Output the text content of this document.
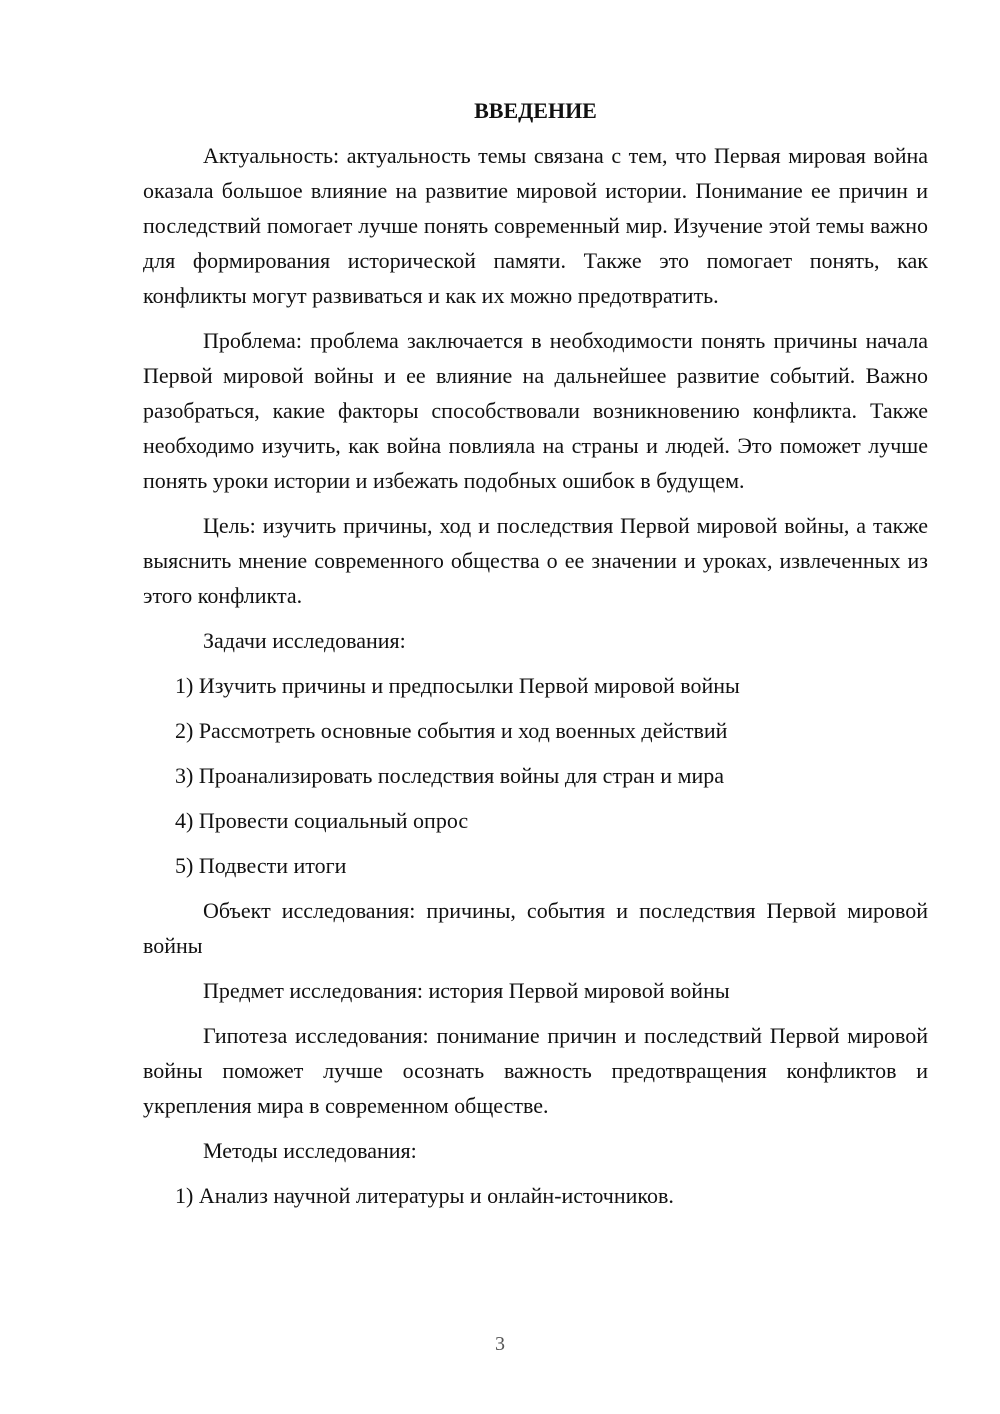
ВВЕДЕНИЕ
Актуальность: актуальность темы связана с тем, что Первая мировая война оказала большое влияние на развитие мировой истории. Понимание ее причин и последствий помогает лучше понять современный мир. Изучение этой темы важно для формирования исторической памяти. Также это помогает понять, как конфликты могут развиваться и как их можно предотвратить.
Проблема: проблема заключается в необходимости понять причины начала Первой мировой войны и ее влияние на дальнейшее развитие событий. Важно разобраться, какие факторы способствовали возникновению конфликта. Также необходимо изучить, как война повлияла на страны и людей. Это поможет лучше понять уроки истории и избежать подобных ошибок в будущем.
Цель: изучить причины, ход и последствия Первой мировой войны, а также выяснить мнение современного общества о ее значении и уроках, извлеченных из этого конфликта.
Задачи исследования:
1) Изучить причины и предпосылки Первой мировой войны
2) Рассмотреть основные события и ход военных действий
3) Проанализировать последствия войны для стран и мира
4) Провести социальный опрос
5) Подвести итоги
Объект исследования: причины, события и последствия Первой мировой войны
Предмет исследования: история Первой мировой войны
Гипотеза исследования: понимание причин и последствий Первой мировой войны поможет лучше осознать важность предотвращения конфликтов и укрепления мира в современном обществе.
Методы исследования:
1) Анализ научной литературы и онлайн-источников.
3
